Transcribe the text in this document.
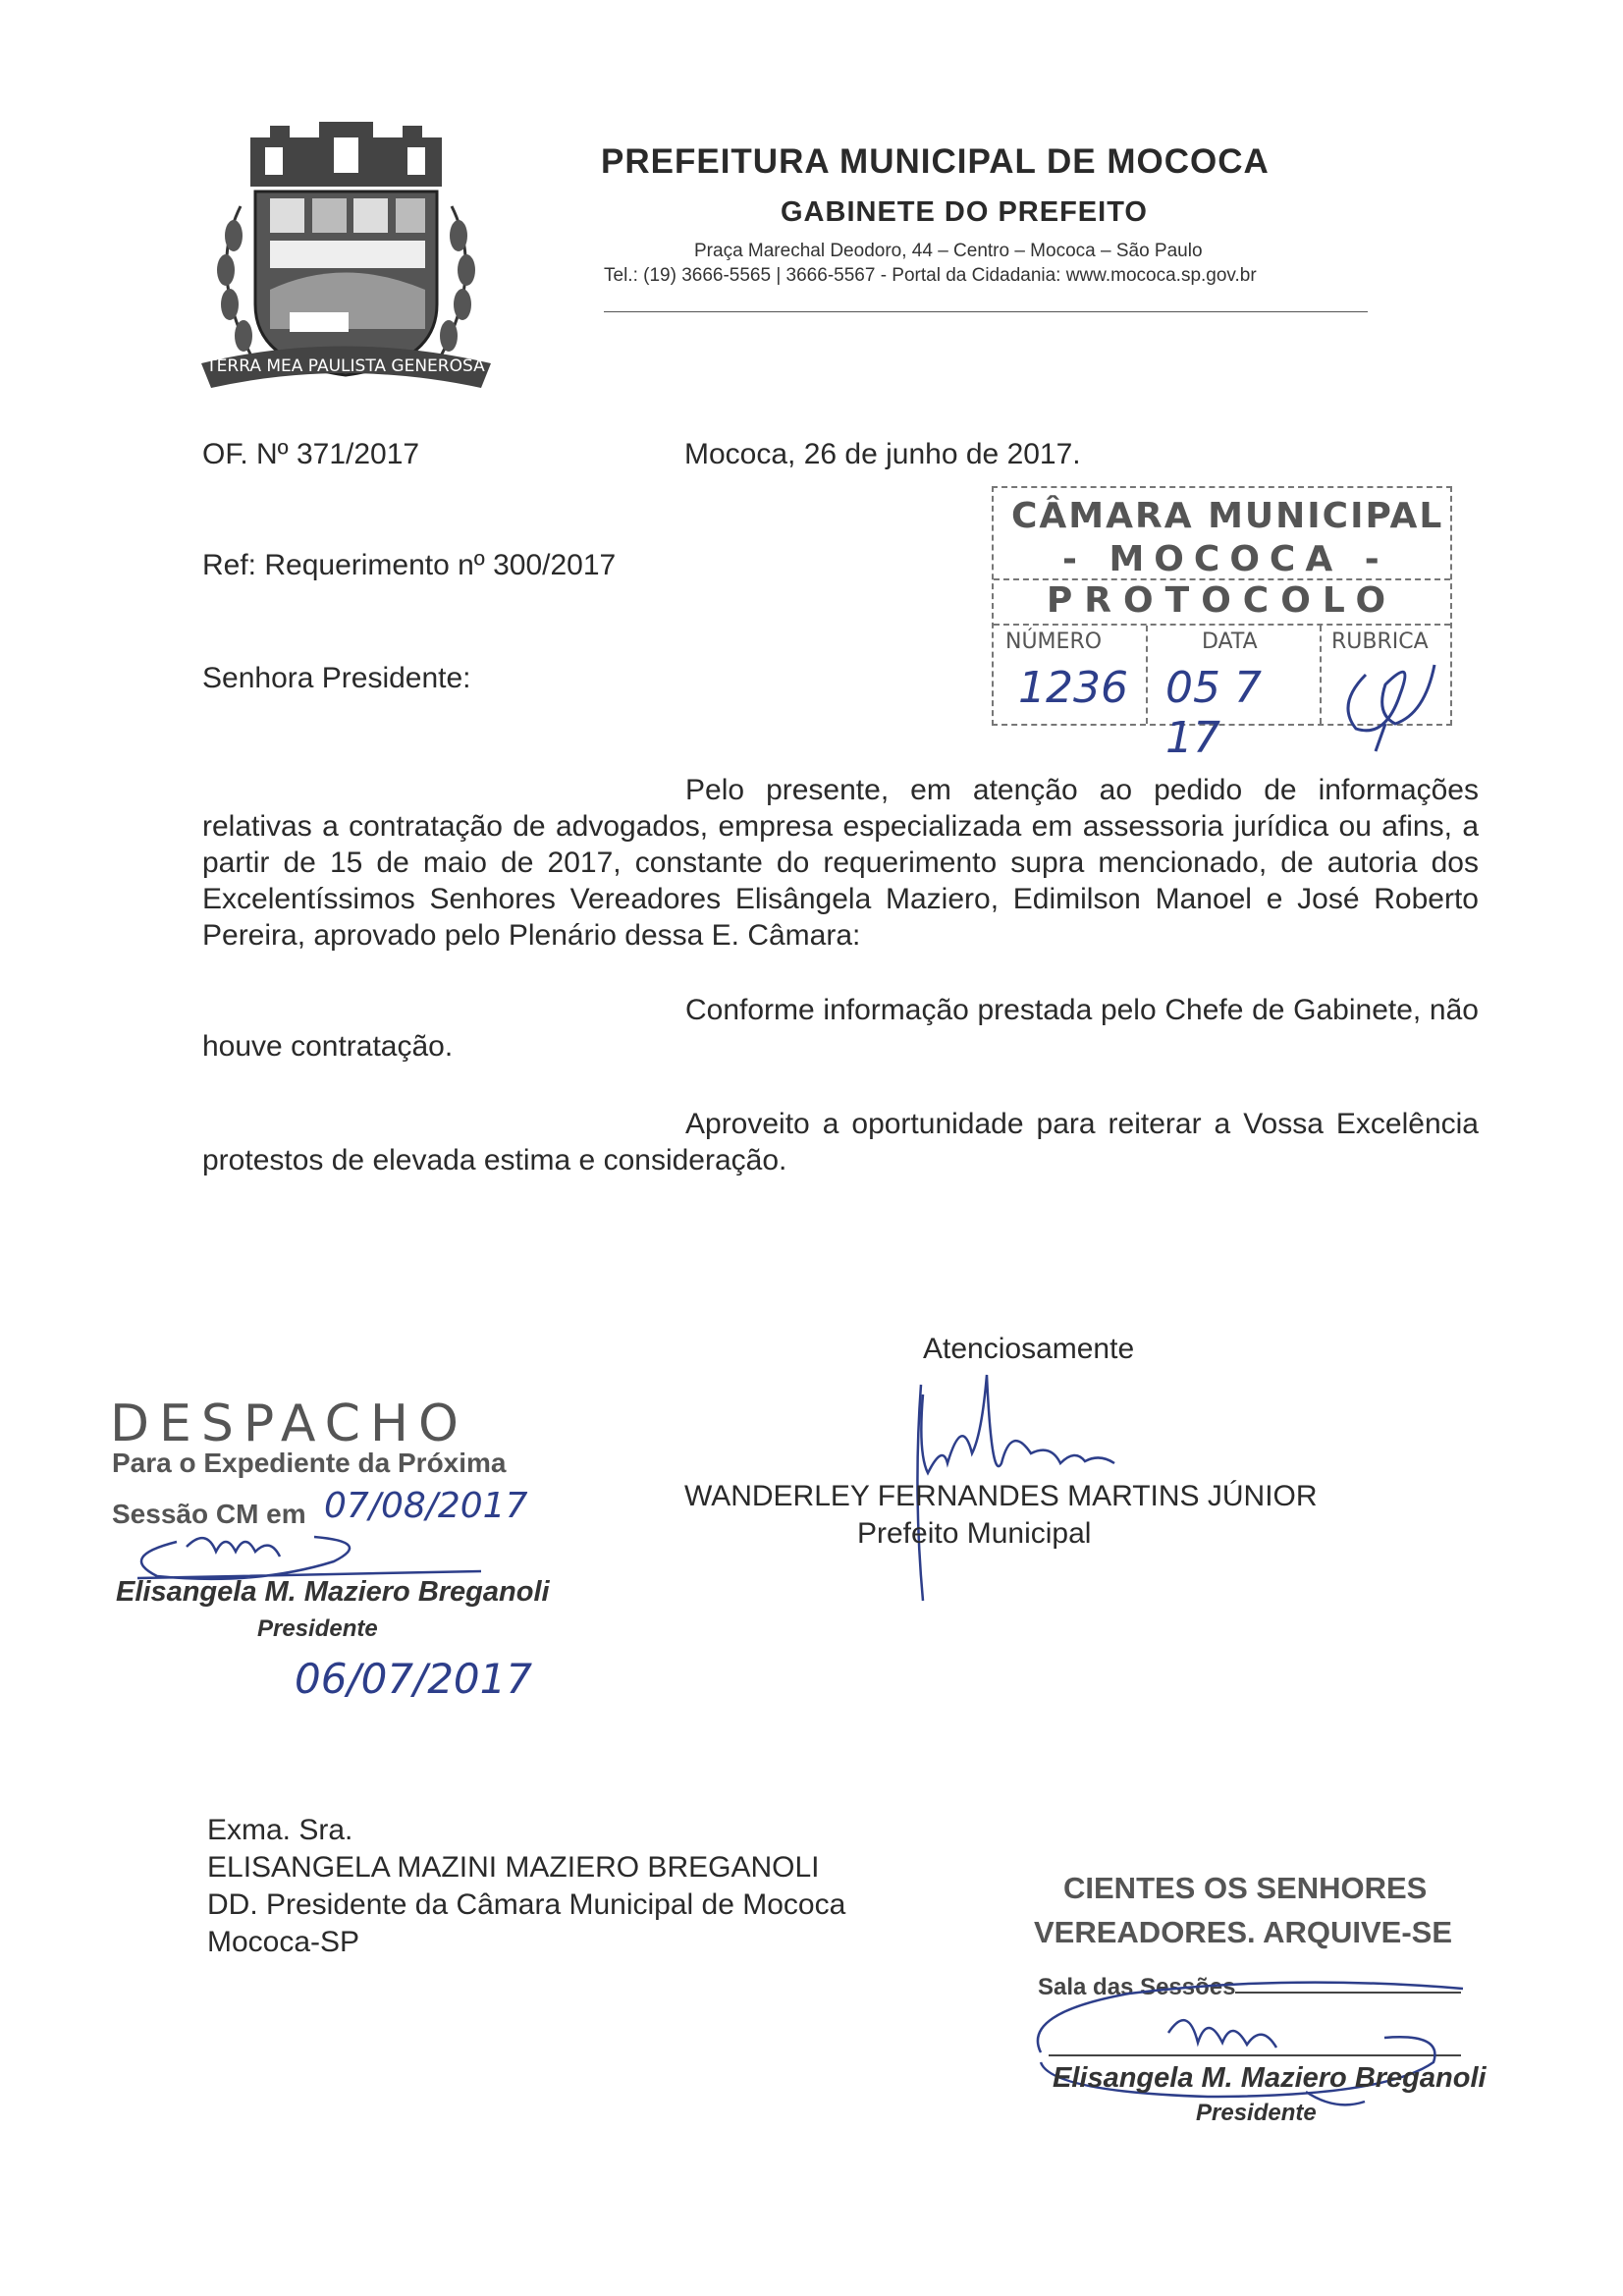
TERRA MEA PAULISTA GENEROSA
PREFEITURA MUNICIPAL DE MOCOCA
GABINETE DO PREFEITO
Praça Marechal Deodoro, 44 – Centro – Mococa – São Paulo
Tel.: (19) 3666-5565 | 3666-5567 - Portal da Cidadania: www.mococa.sp.gov.br
OF. Nº 371/2017	Mococa, 26 de junho de 2017.
Ref: Requerimento nº 300/2017
Senhora Presidente:
CÂMARA MUNICIPAL
- MOCOCA -
PROTOCOLO
NÚMERO
1236
DATA
05 7 17
RUBRICA
Pelo presente, em atenção ao pedido de informações relativas a contratação de advogados, empresa especializada em assessoria jurídica ou afins, a partir de 15 de maio de 2017, constante do requerimento supra mencionado, de autoria dos Excelentíssimos Senhores Vereadores Elisângela Maziero, Edimilson Manoel e José Roberto Pereira, aprovado pelo Plenário dessa E. Câmara:
Conforme informação prestada pelo Chefe de Gabinete, não houve contratação.
Aproveito a oportunidade para reiterar a Vossa Excelência protestos de elevada estima e consideração.
Atenciosamente
WANDERLEY FERNANDES MARTINS JÚNIOR
Prefeito Municipal
DESPACHO
Para o Expediente da Próxima
Sessão CM em 07/08/2017
Elisangela M. Maziero Breganoli
Presidente
06/07/2017
Exma. Sra.
ELISANGELA MAZINI MAZIERO BREGANOLI
DD. Presidente da Câmara Municipal de Mococa
Mococa-SP
CIENTES OS SENHORES
VEREADORES. ARQUIVE-SE
Sala das Sessões
Elisangela M. Maziero Breganoli
Presidente
